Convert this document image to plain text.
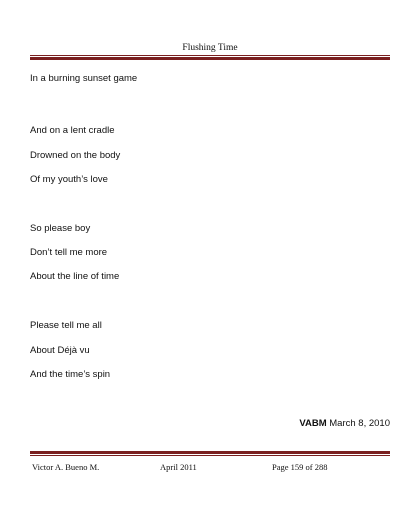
Flushing Time
In a burning sunset game
And on a lent cradle
Drowned on the body
Of my youth’s love
So please boy
Don’t tell me more
About the line of time
Please tell me all
About Déjà vu
And the time’s spin
VABM March 8, 2010
Victor A. Bueno M.	April 2011	Page 159 of 288
